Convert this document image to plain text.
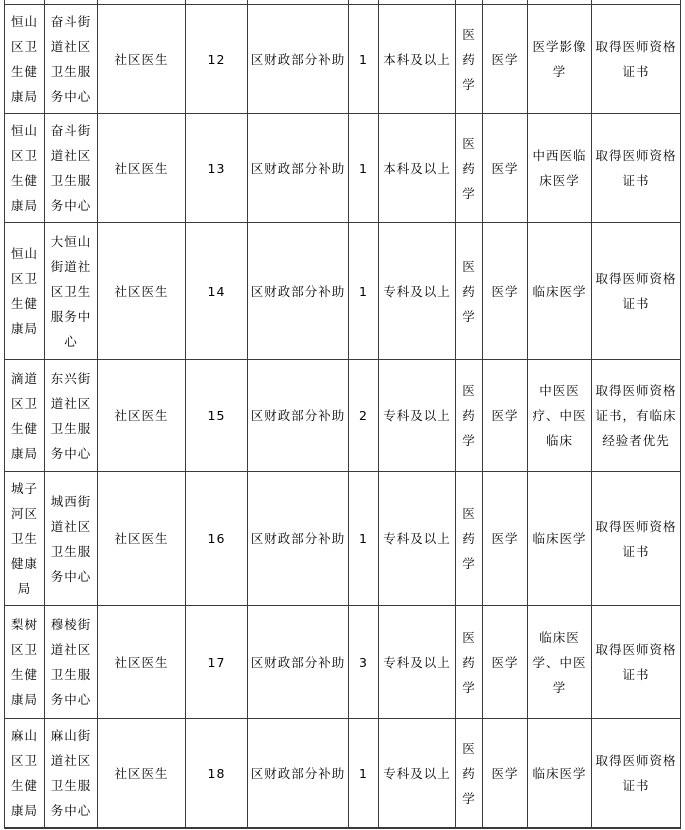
恒山区卫生健康局	奋斗街道社区卫生服务中心	社区医生	12	区财政部分补助	1	本科及以上	医药学	医学	医学影像学	取得医师资格证书
恒山区卫生健康局	奋斗街道社区卫生服务中心	社区医生	13	区财政部分补助	1	本科及以上	医药学	医学	中西医临床医学	取得医师资格证书
恒山区卫生健康局	大恒山街道社区卫生服务中心	社区医生	14	区财政部分补助	1	专科及以上	医药学	医学	临床医学	取得医师资格证书
滴道区卫生健康局	东兴街道社区卫生服务中心	社区医生	15	区财政部分补助	2	专科及以上	医药学	医学	中医医疗、中医临床	取得医师资格证书，有临床经验者优先
城子河区卫生健康局	城西街道社区卫生服务中心	社区医生	16	区财政部分补助	1	专科及以上	医药学	医学	临床医学	取得医师资格证书
梨树区卫生健康局	穆棱街道社区卫生服务中心	社区医生	17	区财政部分补助	3	专科及以上	医药学	医学	临床医学、中医学	取得医师资格证书
麻山区卫生健康局	麻山街道社区卫生服务中心	社区医生	18	区财政部分补助	1	专科及以上	医药学	医学	临床医学	取得医师资格证书
